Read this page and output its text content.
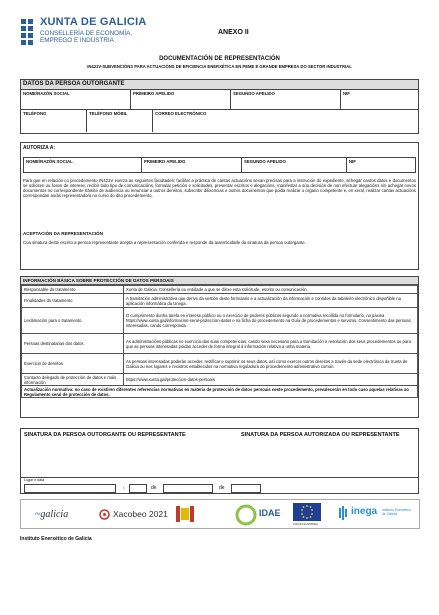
XUNTA DE GALICIA
CONSELLERÍA DE ECONOMÍA,
EMPREGO E INDUSTRIA
ANEXO II
DOCUMENTACIÓN DE REPRESENTACIÓN
IN421V-SUBVENCIÓNS PARA ACTUACIÓNS DE EFICIENCIA ENERXÉTICA EN PEME E GRANDE EMPRESA DO SECTOR INDUSTRIAL
DATOS DA PERSOA OUTORGANTE
NOME/RAZÓN SOCIAL	PRIMEIRO APELIDO	SEGUNDO APELIDO	NIF
TELÉFONO	TELÉFONO MÓBIL	CORREO ELECTRÓNICO
AUTORIZA A:
NOME/RAZÓN SOCIAL	PRIMEIRO APELIDO	SEGUNDO APELIDO	NIF
Para que en relación co procedemento IN421V exerza as seguintes facultades: facilitar a práctica de cantas actuacións sexan precisas para a instrución do expediente, achegar cantos datos e documentos se soliciten ou fosen de interese, recibir todo tipo de comunicacións, formular petición e solicitudes, presentar escritos e alegacións, manifestar a súa decisión de non efectuar alegacións nin achegar novos documentos no correspondente trámite de audiencia ou renunciar a outros dereitos, subscribir dilixencias e outros documentos que poida realizar o órgano competente e, en xeral, realizar cantas actuacións correspondan ao/ás representado/a no curso do dito procedemento.
ACEPTACIÓN DA REPRESENTACIÓN
Coa sinatura deste escrito a persoa representante acepta a representación conferida e responde da autenticidade da sinatura da persoa outorgante.
INFORMACIÓN BÁSICA SOBRE PROTECCIÓN DE DATOS PERSOAIS
Responsable do tratamento	Xunta de Galicia. Consellería ou entidade a que se dirixe esta solicitude, escrito ou comunicación.
Finalidades do tratamento	A tramitación administrativa que derive da xestión deste formulario e a actualización da información e contidos da tabaleiro electrónico dispoñible na aplicación informática da Unega.
Lexitimación para o tratamento	O cumprimento dunha tarefa en interese público ou o exercicio de poderes públicos segundo a normativa recollida no formulario, na páxina https://www.xunta.gal/informacion-xeral-proteccion-datos e na ficha do procedemento na Guía de procedementos e servizos. Consentimento das persoas interesadas, cando corresponda.
Persoas destinatarias dos datos	As administracións públicas no exercicio das súas competencias, cando sexa necesario para a tramitación e resolución dos seus procedementos ou para que as persoas interesadas poidan acceder de forma integral á información relativa a unha materia.
Exercicio de dereitos	As persoas interesadas poderán acceder, rectificar e suprimir os seus datos, así como exercer outros dereitos a través da sede electrónica da Xunta de Galicia ou nos lugares e rexistros establecidos na normativa reguladora do procedemento administrativo común.
Contacto delegado de protección de datos e máis información	https://www.xunta.gal/proteccion-datos-persoais
Actualización normativa: no caso de existiren diferentes referencias normativas en materia de protección de datos persoais neste procedemento, prevalecerán en todo caso aquelas relativas ao Regulamento xeral de protección de datos.	
SINATURA DA PERSOA OUTORGANTE OU REPRESENTANTE	SINATURA DA PERSOA AUTORIZADA OU REPRESENTANTE
Lugar e data
,	de	de
~galicia	Xacobeo 2021	IDAE
UNIÓN EUROPEA
inega Instituto Enerxético
de Galicia
Instituto Enerxético de Galicia
